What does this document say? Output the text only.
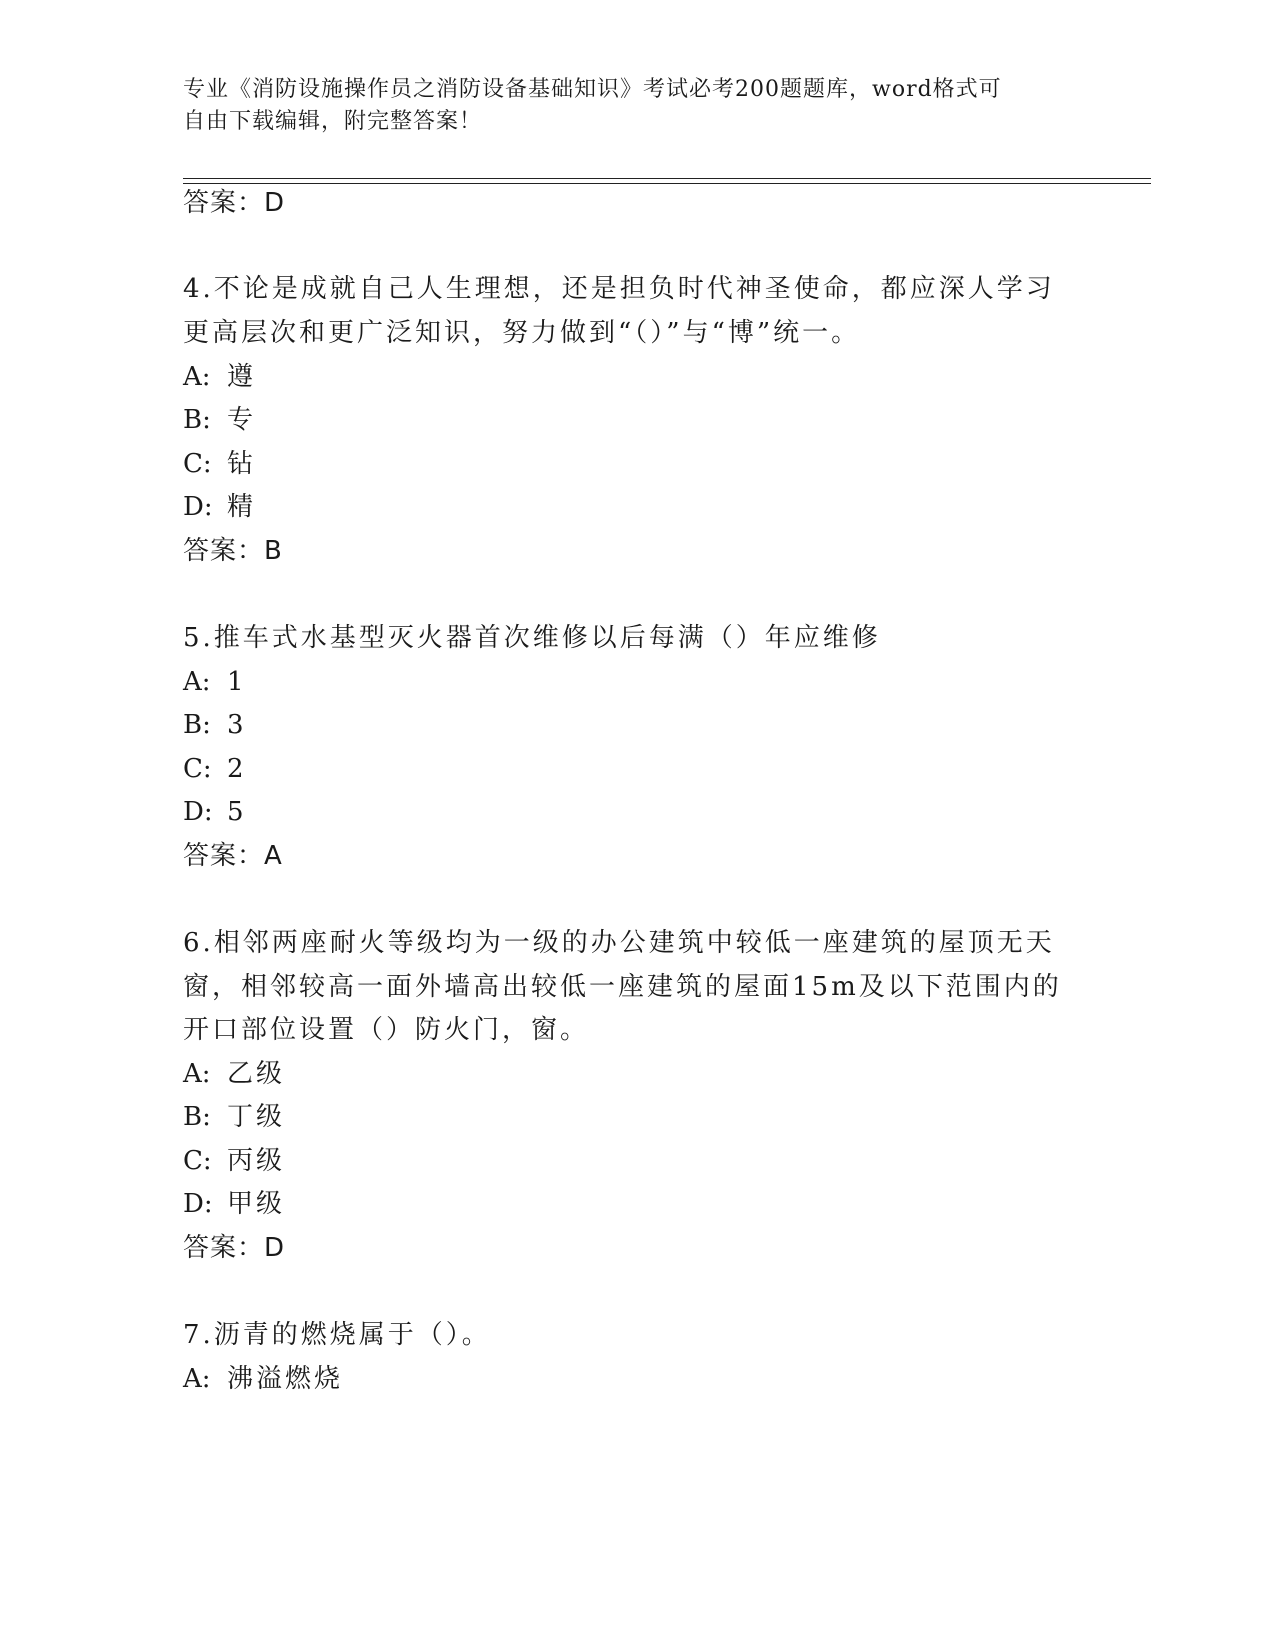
专业《消防设施操作员之消防设备基础知识》考试必考200题题库，word格式可
自由下载编辑，附完整答案！
答案：D
4.不论是成就自己人生理想，还是担负时代神圣使命，都应深人学习
更高层次和更广泛知识，努力做到“（）”与“博”统一。
A: 遵
B: 专
C: 钻
D: 精
答案：B
5.推车式水基型灭火器首次维修以后每满（）年应维修
A: 1
B: 3
C: 2
D: 5
答案：A
6.相邻两座耐火等级均为一级的办公建筑中较低一座建筑的屋顶无天
窗，相邻较高一面外墙高出较低一座建筑的屋面15m及以下范围内的
开口部位设置（）防火门，窗。
A: 乙级
B: 丁级
C: 丙级
D: 甲级
答案：D
7.沥青的燃烧属于（）。
A: 沸溢燃烧
